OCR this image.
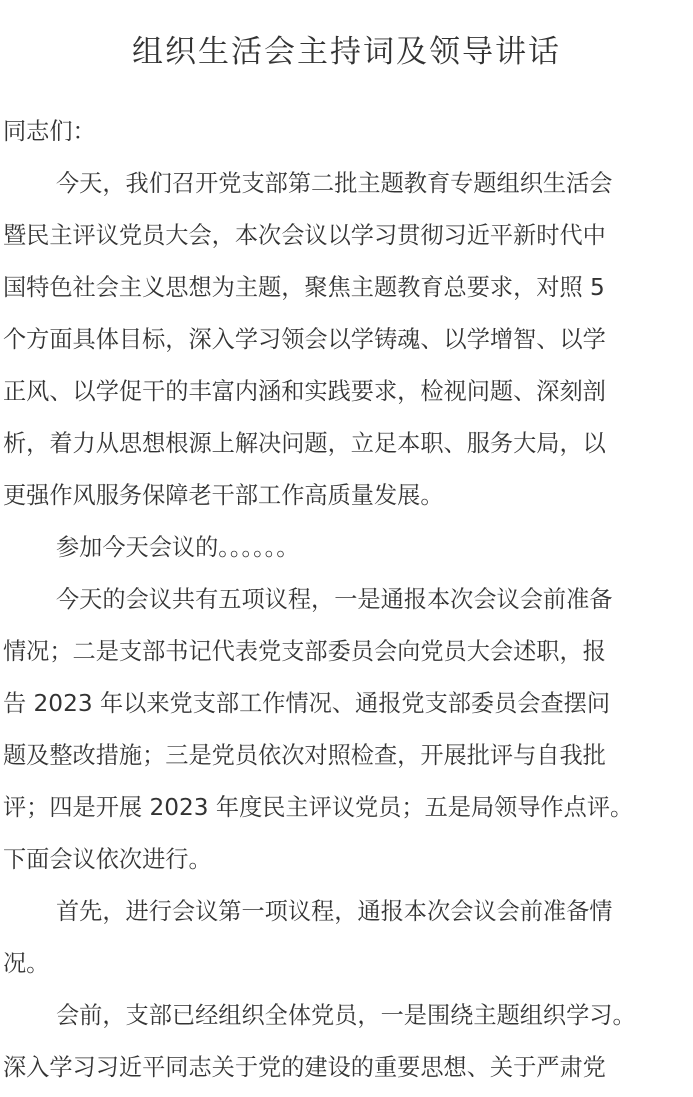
组织生活会主持词及领导讲话
同志们：
今天，我们召开党支部第二批主题教育专题组织生活会
暨民主评议党员大会，本次会议以学习贯彻习近平新时代中
国特色社会主义思想为主题，聚焦主题教育总要求，对照 5
个方面具体目标，深入学习领会以学铸魂、以学增智、以学
正风、以学促干的丰富内涵和实践要求，检视问题、深刻剖
析，着力从思想根源上解决问题，立足本职、服务大局，以
更强作风服务保障老干部工作高质量发展。
参加今天会议的。。。。。。
今天的会议共有五项议程，一是通报本次会议会前准备
情况；二是支部书记代表党支部委员会向党员大会述职，报
告 2023 年以来党支部工作情况、通报党支部委员会查摆问
题及整改措施；三是党员依次对照检查，开展批评与自我批
评；四是开展 2023 年度民主评议党员；五是局领导作点评。
下面会议依次进行。
首先，进行会议第一项议程，通报本次会议会前准备情
况。
会前，支部已经组织全体党员，一是围绕主题组织学习。
深入学习习近平同志关于党的建设的重要思想、关于严肃党
